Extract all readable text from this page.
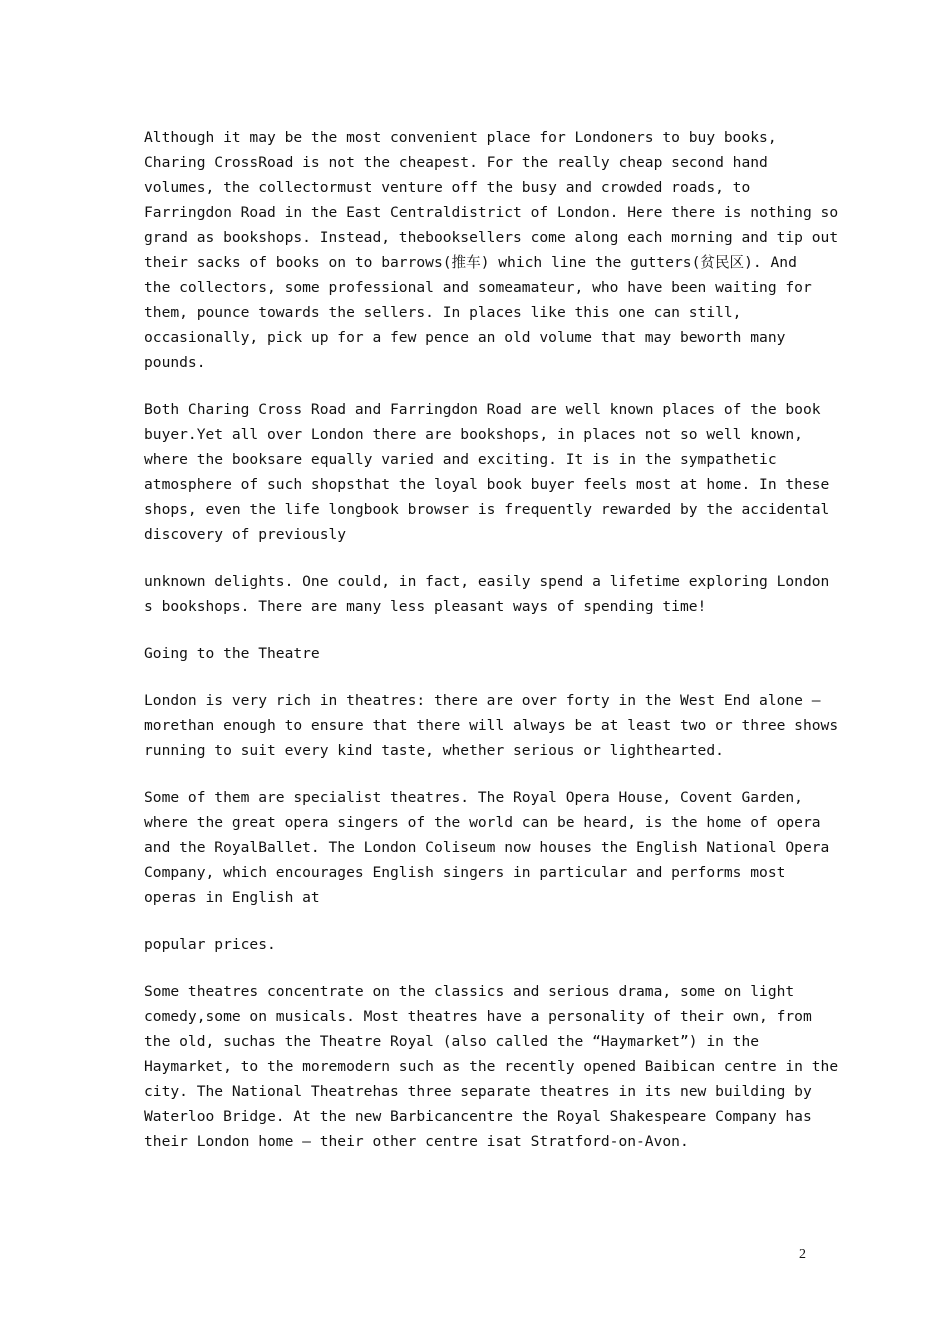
Although it may be the most convenient place for Londoners to buy books,
Charing CrossRoad is not the cheapest. For the really cheap second hand
volumes, the collectormust venture off the busy and crowded roads, to
Farringdon Road in the East Centraldistrict of London. Here there is nothing so
grand as bookshops. Instead, thebooksellers come along each morning and tip out
their sacks of books on to barrows(推车) which line the gutters(贫民区). And
the collectors, some professional and someamateur, who have been waiting for
them, pounce towards the sellers. In places like this one can still,
occasionally, pick up for a few pence an old volume that may beworth many
pounds.
Both Charing Cross Road and Farringdon Road are well known places of the book
buyer.Yet all over London there are bookshops, in places not so well known,
where the booksare equally varied and exciting. It is in the sympathetic
atmosphere of such shopsthat the loyal book buyer feels most at home. In these
shops, even the life longbook browser is frequently rewarded by the accidental
discovery of previously
unknown delights. One could, in fact, easily spend a lifetime exploring London
s bookshops. There are many less pleasant ways of spending time!
Going to the Theatre
London is very rich in theatres: there are over forty in the West End alone —
morethan enough to ensure that there will always be at least two or three shows
running to suit every kind taste, whether serious or lighthearted.
Some of them are specialist theatres. The Royal Opera House, Covent Garden,
where the great opera singers of the world can be heard, is the home of opera
and the RoyalBallet. The London Coliseum now houses the English National Opera
Company, which encourages English singers in particular and performs most
operas in English at
popular prices.
Some theatres concentrate on the classics and serious drama, some on light
comedy,some on musicals. Most theatres have a personality of their own, from
the old, suchas the Theatre Royal (also called the “Haymarket”) in the
Haymarket, to the moremodern such as the recently opened Baibican centre in the
city. The National Theatrehas three separate theatres in its new building by
Waterloo Bridge. At the new Barbicancentre the Royal Shakespeare Company has
their London home — their other centre isat Stratford-on-Avon.
2
